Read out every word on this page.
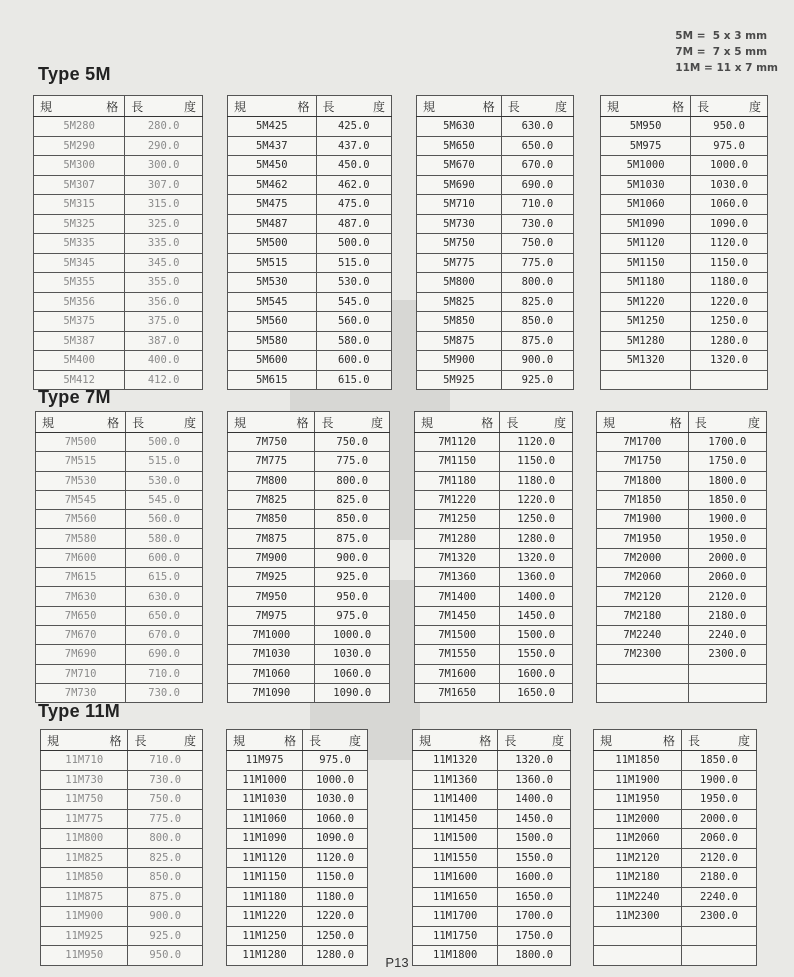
5M =  5 x 3 mm
7M =  7 x 5 mm
11M = 11 x 7 mm
Type 5M
規 格	長 度

5M280	280.0
5M290	290.0
5M300	300.0
5M307	307.0
5M315	315.0
5M325	325.0
5M335	335.0
5M345	345.0
5M355	355.0
5M356	356.0
5M375	375.0
5M387	387.0
5M400	400.0
5M412	412.0
規 格	長 度

5M425	425.0
5M437	437.0
5M450	450.0
5M462	462.0
5M475	475.0
5M487	487.0
5M500	500.0
5M515	515.0
5M530	530.0
5M545	545.0
5M560	560.0
5M580	580.0
5M600	600.0
5M615	615.0
規 格	長 度

5M630	630.0
5M650	650.0
5M670	670.0
5M690	690.0
5M710	710.0
5M730	730.0
5M750	750.0
5M775	775.0
5M800	800.0
5M825	825.0
5M850	850.0
5M875	875.0
5M900	900.0
5M925	925.0
規 格	長 度

5M950	950.0
5M975	975.0
5M1000	1000.0
5M1030	1030.0
5M1060	1060.0
5M1090	1090.0
5M1120	1120.0
5M1150	1150.0
5M1180	1180.0
5M1220	1220.0
5M1250	1250.0
5M1280	1280.0
5M1320	1320.0

Type 7M
規 格	長 度

7M500	500.0
7M515	515.0
7M530	530.0
7M545	545.0
7M560	560.0
7M580	580.0
7M600	600.0
7M615	615.0
7M630	630.0
7M650	650.0
7M670	670.0
7M690	690.0
7M710	710.0
7M730	730.0
規 格	長 度

7M750	750.0
7M775	775.0
7M800	800.0
7M825	825.0
7M850	850.0
7M875	875.0
7M900	900.0
7M925	925.0
7M950	950.0
7M975	975.0
7M1000	1000.0
7M1030	1030.0
7M1060	1060.0
7M1090	1090.0
規 格	長 度

7M1120	1120.0
7M1150	1150.0
7M1180	1180.0
7M1220	1220.0
7M1250	1250.0
7M1280	1280.0
7M1320	1320.0
7M1360	1360.0
7M1400	1400.0
7M1450	1450.0
7M1500	1500.0
7M1550	1550.0
7M1600	1600.0
7M1650	1650.0
規 格	長 度

7M1700	1700.0
7M1750	1750.0
7M1800	1800.0
7M1850	1850.0
7M1900	1900.0
7M1950	1950.0
7M2000	2000.0
7M2060	2060.0
7M2120	2120.0
7M2180	2180.0
7M2240	2240.0
7M2300	2300.0

Type 11M
規 格	長 度

11M710	710.0
11M730	730.0
11M750	750.0
11M775	775.0
11M800	800.0
11M825	825.0
11M850	850.0
11M875	875.0
11M900	900.0
11M925	925.0
11M950	950.0
規 格	長 度

11M975	975.0
11M1000	1000.0
11M1030	1030.0
11M1060	1060.0
11M1090	1090.0
11M1120	1120.0
11M1150	1150.0
11M1180	1180.0
11M1220	1220.0
11M1250	1250.0
11M1280	1280.0
規 格	長 度

11M1320	1320.0
11M1360	1360.0
11M1400	1400.0
11M1450	1450.0
11M1500	1500.0
11M1550	1550.0
11M1600	1600.0
11M1650	1650.0
11M1700	1700.0
11M1750	1750.0
11M1800	1800.0
規 格	長 度

11M1850	1850.0
11M1900	1900.0
11M1950	1950.0
11M2000	2000.0
11M2060	2060.0
11M2120	2120.0
11M2180	2180.0
11M2240	2240.0
11M2300	2300.0

P13
